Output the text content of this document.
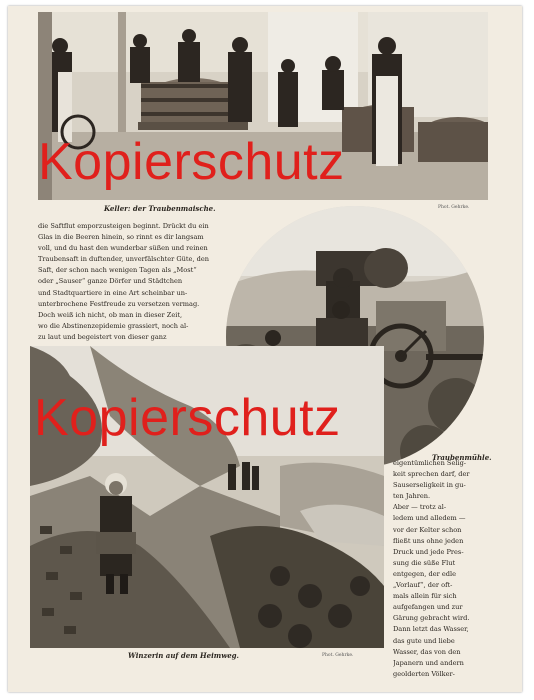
Keller: der Traubenmaische.	Phot. Gehrke.
die Saftflut emporzusteigen beginnt. Drückt du ein
Glas in die Beeren hinein, so rinnt es dir langsam
voll, und du hast den wunderbar süßen und reinen
Traubensaft in duftender, unverfälschter Güte, den
Saft, der schon nach wenigen Tagen als „Most“
oder „Sauser“ ganze Dörfer und Städtchen
und Stadtquartiere in eine Art scheinbar un-
unterbrochene Festfreude zu versetzen vermag.
Doch weiß ich nicht, ob man in dieser Zeit,
wo die Abstinenzepidemie grassiert, noch al-
zu laut und begeistert von dieser ganz
Traubenmühle.
Winzerin auf dem Heimweg.	Phot. Gehrke.
eigentümlichen Selig-
keit sprechen darf, der
Sauserseligkeit in gu-
ten Jahren.
Aber — trotz al-
ledem und alledem —
vor der Kelter schon
fließt uns ohne jeden
Druck und jede Pres-
sung die süße Flut
entgegen, der edle
„Vorlauf“, der oft-
mals allein für sich
aufgefangen und zur
Gärung gebracht wird.
Dann letzt das Wasser,
das gute und liebe
Wasser, das von den
Japanern und andern
geolderten Völker-
Kopierschutz
Kopierschutz
